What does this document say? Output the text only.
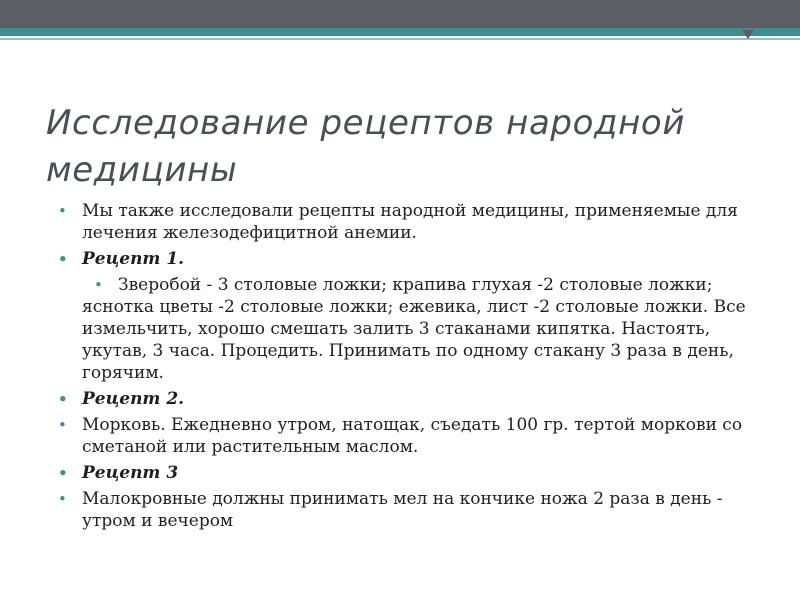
Исследование рецептов народной медицины
• Мы также исследовали рецепты народной медицины, применяемые для лечения железодефицитной анемии.
• Рецепт 1.
• Зверобой - 3 столовые ложки; крапива глухая -2 столовые ложки; яснотка цветы -2 столовые ложки; ежевика, лист -2 столовые ложки. Все измельчить, хорошо смешать залить 3 стаканами кипятка. Настоять, укутав, 3 часа. Процедить. Принимать по одному стакану 3 раза в день, горячим.
• Рецепт 2.
• Морковь. Ежедневно утром, натощак, съедать 100 гр. тертой моркови со сметаной или растительным маслом.
• Рецепт 3
• Малокровные должны принимать мел на кончике ножа 2 раза в день - утром и вечером
